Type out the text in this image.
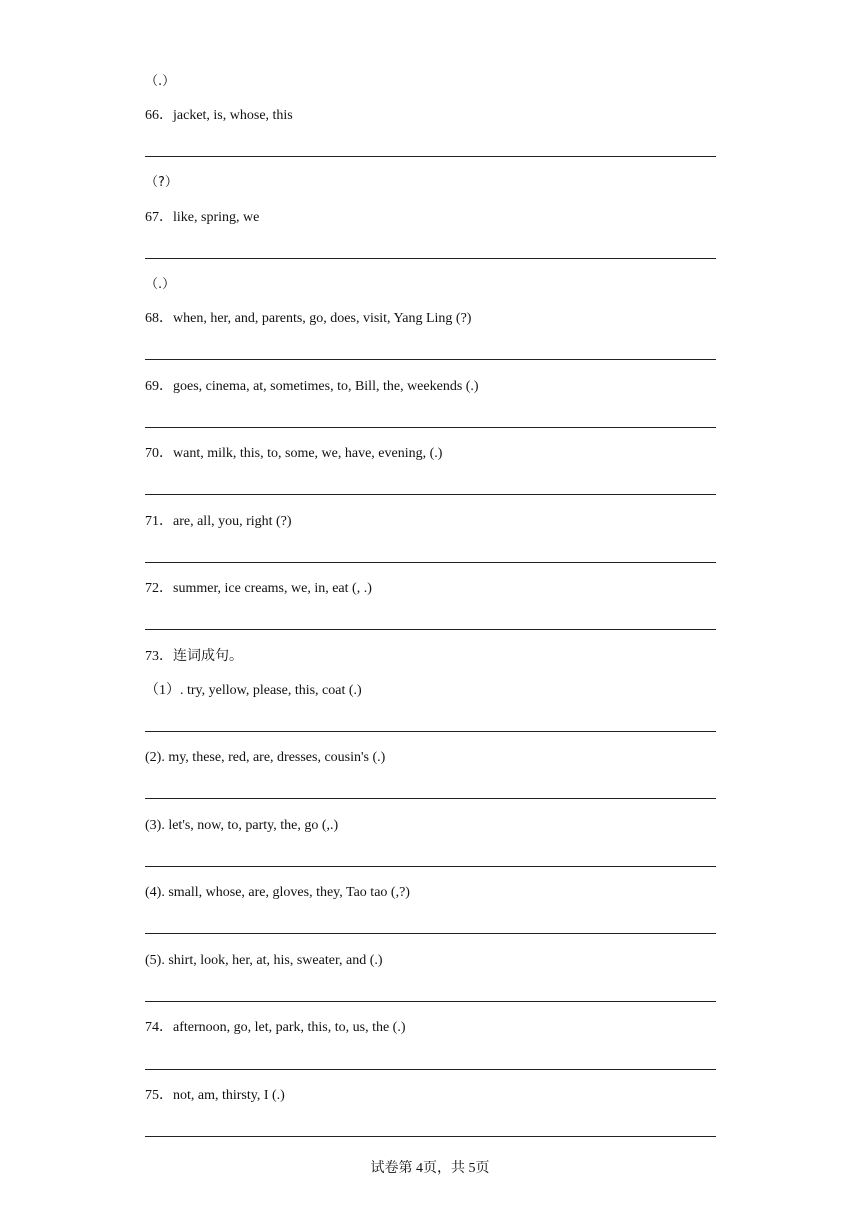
（.）
66．jacket, is, whose, this
（?）
67．like, spring, we
（.）
68．when, her, and, parents, go, does, visit, Yang Ling (?)
69．goes, cinema, at, sometimes, to, Bill, the, weekends (.)
70．want, milk, this, to, some, we, have, evening, (.)
71．are, all, you, right (?)
72．summer, ice creams, we, in, eat (, .)
73．连词成句。
（1）. try, yellow, please, this, coat (.)
(2). my, these, red, are, dresses, cousin's (.)
(3). let's, now, to, party, the, go (,.)
(4). small, whose, are, gloves, they, Tao tao (,?)
(5). shirt, look, her, at, his, sweater, and (.)
74．afternoon, go, let, park, this, to, us, the (.)
75．not, am, thirsty, I (.)
试卷第 4页，共 5页
